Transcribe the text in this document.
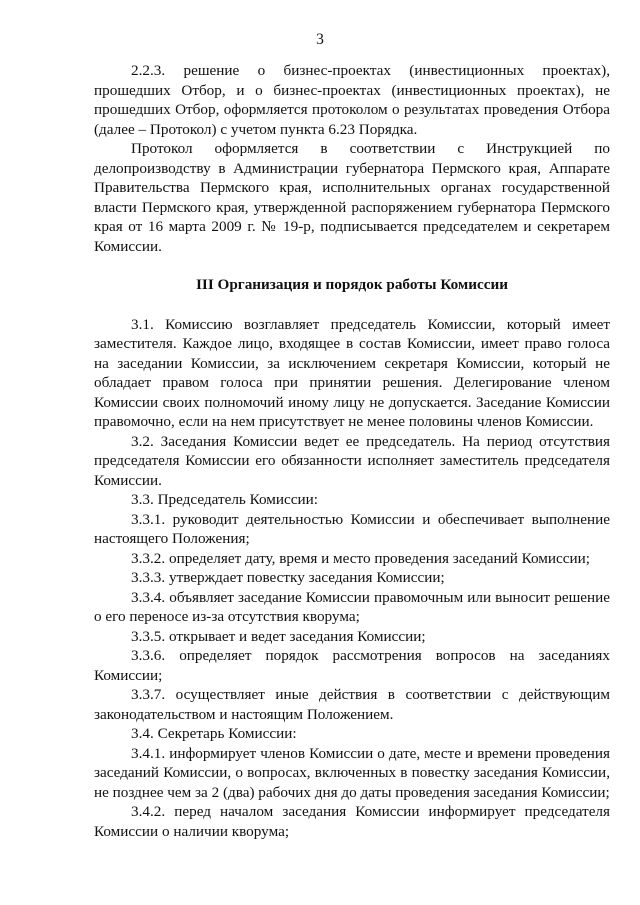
3

2.2.3. решение о бизнес-проектах (инвестиционных проектах), прошедших Отбор, и о бизнес-проектах (инвестиционных проектах), не прошедших Отбор, оформляется протоколом о результатах проведения Отбора (далее – Протокол) с учетом пункта 6.23 Порядка.

Протокол оформляется в соответствии с Инструкцией по делопроизводству в Администрации губернатора Пермского края, Аппарате Правительства Пермского края, исполнительных органах государственной власти Пермского края, утвержденной распоряжением губернатора Пермского края от 16 марта 2009 г. № 19-р, подписывается председателем и секретарем Комиссии.

III Организация и порядок работы Комиссии

3.1. Комиссию возглавляет председатель Комиссии, который имеет заместителя. Каждое лицо, входящее в состав Комиссии, имеет право голоса на заседании Комиссии, за исключением секретаря Комиссии, который не обладает правом голоса при принятии решения. Делегирование членом Комиссии своих полномочий иному лицу не допускается. Заседание Комиссии правомочно, если на нем присутствует не менее половины членов Комиссии.

3.2. Заседания Комиссии ведет ее председатель. На период отсутствия председателя Комиссии его обязанности исполняет заместитель председателя Комиссии.

3.3. Председатель Комиссии:

3.3.1. руководит деятельностью Комиссии и обеспечивает выполнение настоящего Положения;

3.3.2. определяет дату, время и место проведения заседаний Комиссии;

3.3.3. утверждает повестку заседания Комиссии;

3.3.4. объявляет заседание Комиссии правомочным или выносит решение о его переносе из-за отсутствия кворума;

3.3.5. открывает и ведет заседания Комиссии;

3.3.6. определяет порядок рассмотрения вопросов на заседаниях Комиссии;

3.3.7. осуществляет иные действия в соответствии с действующим законодательством и настоящим Положением.

3.4. Секретарь Комиссии:

3.4.1. информирует членов Комиссии о дате, месте и времени проведения заседаний Комиссии, о вопросах, включенных в повестку заседания Комиссии, не позднее чем за 2 (два) рабочих дня до даты проведения заседания Комиссии;

3.4.2. перед началом заседания Комиссии информирует председателя Комиссии о наличии кворума;
